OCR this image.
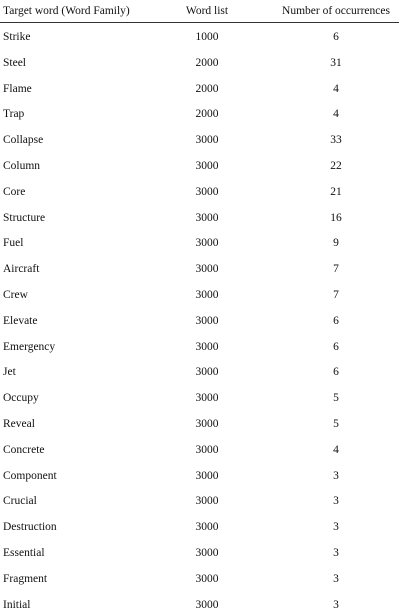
Target word (Word Family)	Word list	Number of occurrences
Strike	1000	6
Steel	2000	31
Flame	2000	4
Trap	2000	4
Collapse	3000	33
Column	3000	22
Core	3000	21
Structure	3000	16
Fuel	3000	9
Aircraft	3000	7
Crew	3000	7
Elevate	3000	6
Emergency	3000	6
Jet	3000	6
Occupy	3000	5
Reveal	3000	5
Concrete	3000	4
Component	3000	3
Crucial	3000	3
Destruction	3000	3
Essential	3000	3
Fragment	3000	3
Initial	3000	3
